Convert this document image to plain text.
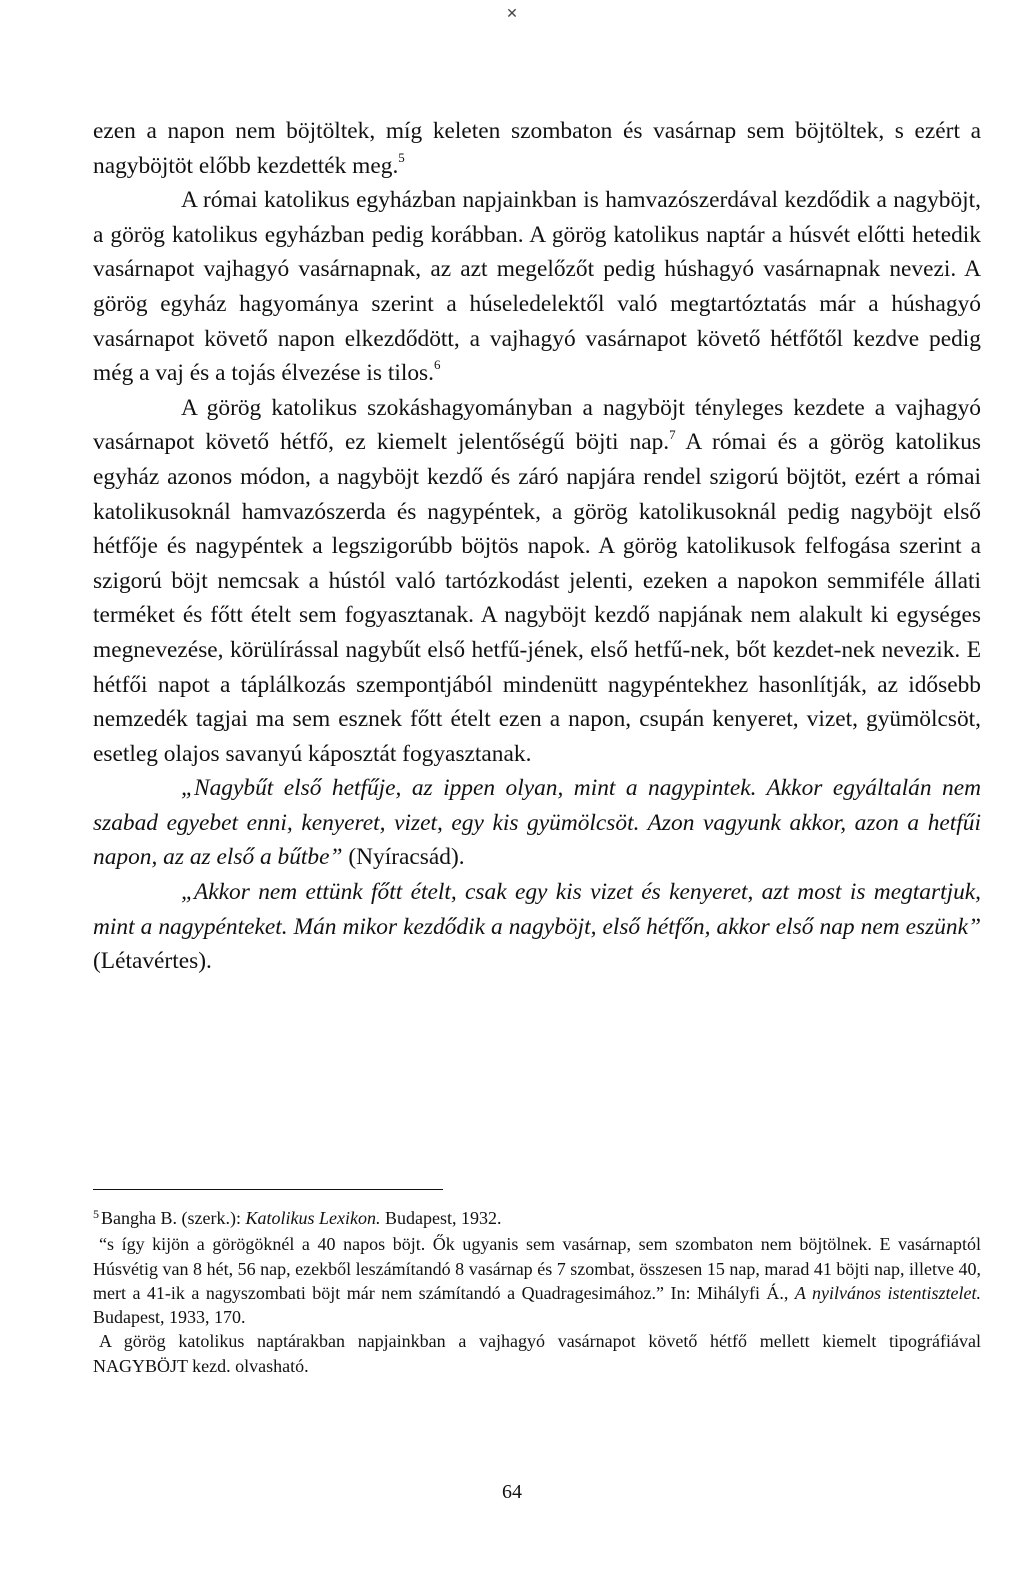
✕

ezen a napon nem böjtöltek, míg keleten szombaton és vasárnap sem böjtöltek, s ezért a nagyböjtöt előbb kezdették meg.$^5$

A római katolikus egyházban napjainkban is hamvazószerdával kezdődik a nagyböjt, a görög katolikus egyházban pedig korábban. A görög katolikus naptár a húsvét előtti hetedik vasárnapot vajhagyó vasárnapnak, az azt megelőzőt pedig húshagyó vasárnapnak nevezi. A görög egyház hagyománya szerint a húseledelektől való megtartóztatás már a húshagyó vasárnapot követő napon elkezdődött, a vajhagyó vasárnapot követő hétfőtől kezdve pedig még a vaj és a tojás élvezése is tilos.$^6$

A görög katolikus szokáshagyományban a nagyböjt tényleges kezdete a vajhagyó vasárnapot követő hétfő, ez kiemelt jelentőségű böjti nap.$^7$ A római és a görög katolikus egyház azonos módon, a nagyböjt kezdő és záró napjára rendel szigorú böjtöt, ezért a római katolikusoknál hamvazószerda és nagypéntek, a görög katolikusoknál pedig nagyböjt első hétfője és nagypéntek a legszigorúbb böjtös napok. A görög katolikusok felfogása szerint a szigorú böjt nemcsak a hústól való tartózkodást jelenti, ezeken a napokon semmiféle állati terméket és főtt ételt sem fogyasztanak. A nagyböjt kezdő napjának nem alakult ki egységes megnevezése, körülírással nagybűt első hetfű-jének, első hetfű-nek, bőt kezdet-nek nevezik. E hétfői napot a táplálkozás szempontjából mindenütt nagypéntekhez hasonlítják, az idősebb nemzedék tagjai ma sem esznek főtt ételt ezen a napon, csupán kenyeret, vizet, gyümölcsöt, esetleg olajos savanyú káposztát fogyasztanak.

„Nagybűt első hetfűje, az ippen olyan, mint a nagypintek. Akkor egyáltalán nem szabad egyebet enni, kenyeret, vizet, egy kis gyümölcsöt. Azon vagyunk akkor, azon a hetfűi napon, az az első a bűtbe” (Nyíracsád).

„Akkor nem ettünk főtt ételt, csak egy kis vizet és kenyeret, azt most is megtartjuk, mint a nagypénteket. Mán mikor kezdődik a nagyböjt, első hétfőn, akkor első nap nem eszünk” (Létavértes).

$^5$ Bangha B. (szerk.): Katolikus Lexikon. Budapest, 1932.

“s így kijön a görögöknél a 40 napos böjt. Ők ugyanis sem vasárnap, sem szombaton nem böjtölnek. E vasárnaptól Húsvétig van 8 hét, 56 nap, ezekből leszámítandó 8 vasárnap és 7 szombat, összesen 15 nap, marad 41 böjti nap, illetve 40, mert a 41-ik a nagyszombati böjt már nem számítandó a Quadragesimához.” In: Mihályfi Á., A nyilvános istentisztelet. Budapest, 1933, 170.

A görög katolikus naptárakban napjainkban a vajhagyó vasárnapot követő hétfő mellett kiemelt tipográfiával NAGYBÖJT kezd. olvasható.

64
